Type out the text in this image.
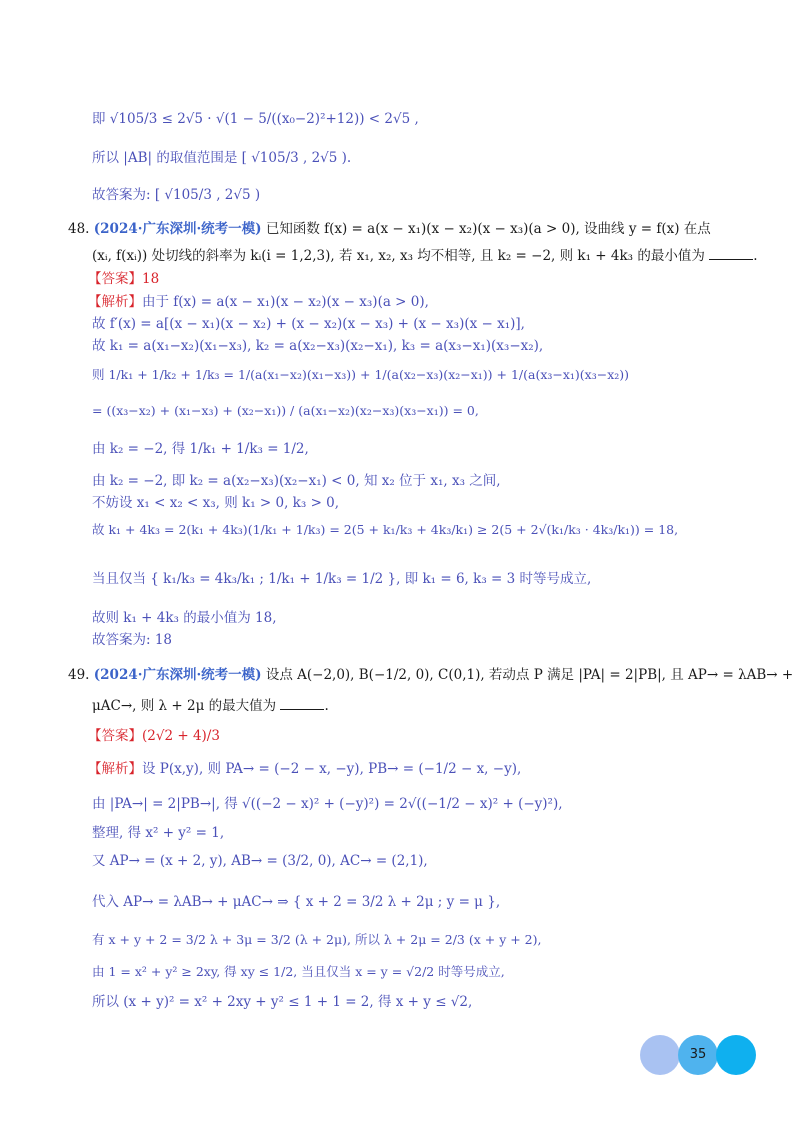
即 √105/3 ≤ 2√5 · √(1 − 5/((x₀−2)²+12)) < 2√5 ,
所以 |AB| 的取值范围是 [ √105/3 , 2√5 ).
故答案为: [ √105/3 , 2√5 )
48. (2024·广东深圳·统考一模) 已知函数 f(x) = a(x − x₁)(x − x₂)(x − x₃)(a > 0), 设曲线 y = f(x) 在点
(xᵢ, f(xᵢ)) 处切线的斜率为 kᵢ(i = 1,2,3), 若 x₁, x₂, x₃ 均不相等, 且 k₂ = −2, 则 k₁ + 4k₃ 的最小值为	.
【答案】18
【解析】由于 f(x) = a(x − x₁)(x − x₂)(x − x₃)(a > 0),
故 f′(x) = a[(x − x₁)(x − x₂) + (x − x₂)(x − x₃) + (x − x₃)(x − x₁)],
故 k₁ = a(x₁−x₂)(x₁−x₃), k₂ = a(x₂−x₃)(x₂−x₁), k₃ = a(x₃−x₁)(x₃−x₂),
则 1/k₁ + 1/k₂ + 1/k₃ = 1/(a(x₁−x₂)(x₁−x₃)) + 1/(a(x₂−x₃)(x₂−x₁)) + 1/(a(x₃−x₁)(x₃−x₂))
= ((x₃−x₂) + (x₁−x₃) + (x₂−x₁)) / (a(x₁−x₂)(x₂−x₃)(x₃−x₁)) = 0,
由 k₂ = −2, 得 1/k₁ + 1/k₃ = 1/2,
由 k₂ = −2, 即 k₂ = a(x₂−x₃)(x₂−x₁) < 0, 知 x₂ 位于 x₁, x₃ 之间,
不妨设 x₁ < x₂ < x₃, 则 k₁ > 0, k₃ > 0,
故 k₁ + 4k₃ = 2(k₁ + 4k₃)(1/k₁ + 1/k₃) = 2(5 + k₁/k₃ + 4k₃/k₁) ≥ 2(5 + 2√(k₁/k₃ · 4k₃/k₁)) = 18,
当且仅当 { k₁/k₃ = 4k₃/k₁ ; 1/k₁ + 1/k₃ = 1/2 }, 即 k₁ = 6, k₃ = 3 时等号成立,
故则 k₁ + 4k₃ 的最小值为 18,
故答案为: 18
49. (2024·广东深圳·统考一模) 设点 A(−2,0), B(−1/2, 0), C(0,1), 若动点 P 满足 |PA| = 2|PB|, 且 AP→ = λAB→ +
μAC→, 则 λ + 2μ 的最大值为	.
【答案】(2√2 + 4)/3
【解析】设 P(x,y), 则 PA→ = (−2 − x, −y), PB→ = (−1/2 − x, −y),
由 |PA→| = 2|PB→|, 得 √((−2 − x)² + (−y)²) = 2√((−1/2 − x)² + (−y)²),
整理, 得 x² + y² = 1,
又 AP→ = (x + 2, y), AB→ = (3/2, 0), AC→ = (2,1),
代入 AP→ = λAB→ + μAC→ ⇒ { x + 2 = 3/2 λ + 2μ ; y = μ },
有 x + y + 2 = 3/2 λ + 3μ = 3/2 (λ + 2μ), 所以 λ + 2μ = 2/3 (x + y + 2),
由 1 = x² + y² ≥ 2xy, 得 xy ≤ 1/2, 当且仅当 x = y = √2/2 时等号成立,
所以 (x + y)² = x² + 2xy + y² ≤ 1 + 1 = 2, 得 x + y ≤ √2,
35
